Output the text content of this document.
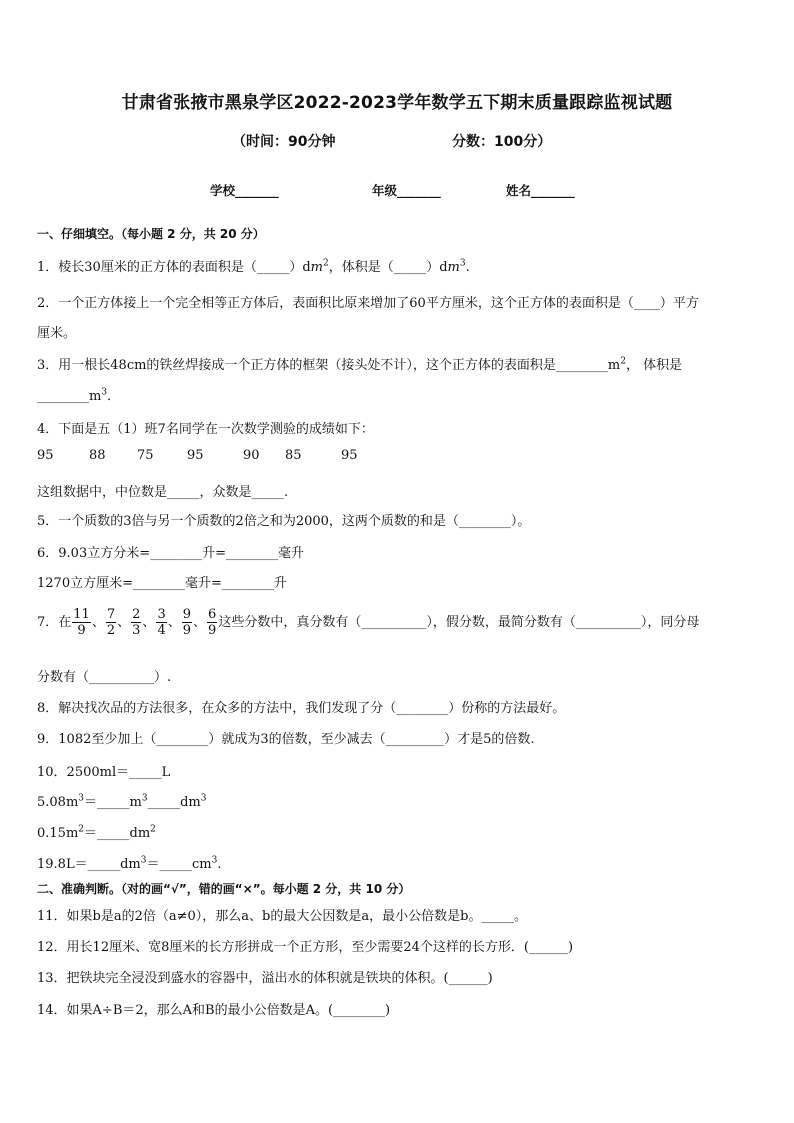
甘肃省张掖市黑泉学区2022-2023学年数学五下期末质量跟踪监视试题
（时间：90分钟	分数：100分）
学校_______	年级_______	姓名_______
一、仔细填空。（每小题 2 分，共 20 分）
1．棱长30厘米的正方体的表面积是$(\_\_\_\_\_)dm^2$，体积是$(\_\_\_\_\_)dm^3$.
2．一个正方体接上一个完全相等正方体后，表面积比原来增加了60平方厘米，这个正方体的表面积是（____）平方
厘米。
3．用一根长48cm的铁丝焊接成一个正方体的框架（接头处不计），这个正方体的表面积是$\_\_\_\_\_\_\_\_m^2$， 体积是
$\_\_\_\_\_\_\_\_m^3$．
4．下面是五（1）班7名同学在一次数学测验的成绩如下：
95	88 75	95	90 85	95
这组数据中，中位数是_____，众数是_____.
5．一个质数的3倍与另一个质数的2倍之和为2000，这两个质数的和是（________）。
6．9.03立方分米=________升=________毫升
1270立方厘米=________毫升=________升
7．在 $\frac{11}{9}$ 、 $\frac{7}{2}$ 、 $\frac{2}{3}$ 、 $\frac{3}{4}$ 、 $\frac{9}{9}$ 、 $\frac{6}{9}$ 这些分数中，真分数有（__________），假分数，最简分数有（__________），同分母
分数有（__________）.
8．解决找次品的方法很多，在众多的方法中，我们发现了分（________）份称的方法最好。
9．1082至少加上（________）就成为3的倍数，至少减去（_________）才是5的倍数.
10．2500ml＝_____L
$5.08m^3=\_\_\_\_\_m^3\_\_\_\_\_dm^3$
$0.15m^2=\_\_\_\_\_dm^2$
$19.8L=\_\_\_\_\_dm^3=\_\_\_\_\_cm^3$.
二、准确判断。（对的画“√”，错的画“×”。每小题 2 分，共 10 分）
11．如果b是a的2倍（a≠0），那么a、b的最大公因数是a，最小公倍数是b。_____。
12．用长12厘米、宽8厘米的长方形拼成一个正方形，至少需要24个这样的长方形．(______)
13．把铁块完全浸没到盛水的容器中，溢出水的体积就是铁块的体积。(______)
14．如果A÷B＝2，那么A和B的最小公倍数是A。(________)
